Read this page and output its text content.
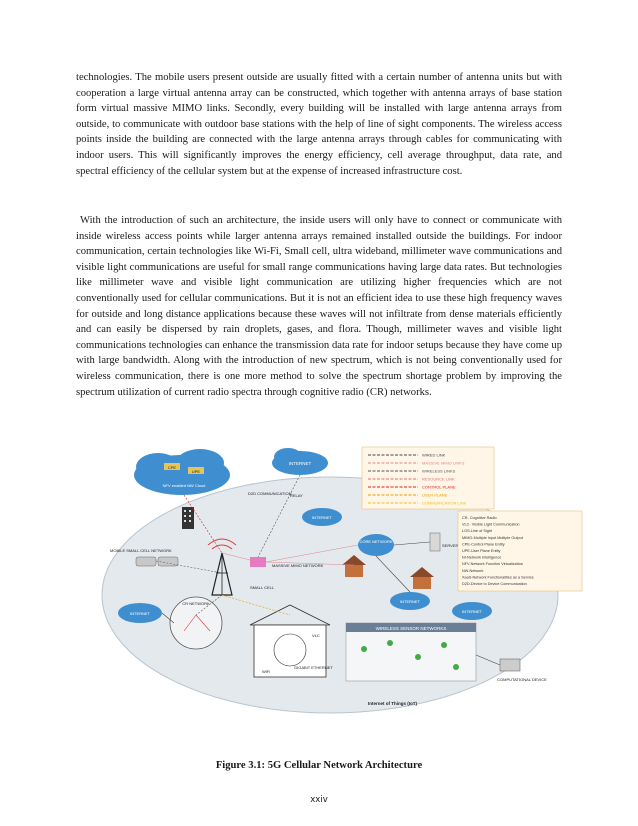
technologies. The mobile users present outside are usually fitted with a certain number of antenna units but with cooperation a large virtual antenna array can be constructed, which together with antenna arrays of base station form virtual massive MIMO links. Secondly, every building will be installed with large antenna arrays from outside, to communicate with outdoor base stations with the help of line of sight components. The wireless access points inside the building are connected with the large antenna arrays through cables for communicating with indoor users. This will significantly improves the energy efficiency, cell average throughput, data rate, and spectral efficiency of the cellular system but at the expense of increased infrastructure cost.

With the introduction of such an architecture, the inside users will only have to connect or communicate with inside wireless access points while larger antenna arrays remained installed outside the buildings. For indoor communication, certain technologies like Wi-Fi, Small cell, ultra wideband, millimeter wave communications and visible light communications are useful for small range communications having large data rates. But technologies like millimeter wave and visible light communication are utilizing higher frequencies which are not conventionally used for cellular communications. But it is not an efficient idea to use these high frequency waves for outside and long distance applications because these waves will not infiltrate from dense materials efficiently and can easily be dispersed by rain droplets, gases, and flora. Though, millimeter waves and visible light communications technologies can enhance the transmission data rate for indoor setups because they have come up with large bandwidth. Along with the introduction of new spectrum, which is not being conventionally used for wireless communication, there is one more method to solve the spectrum shortage problem by improving the spectrum utilization of current radio spectra through cognitive radio (CR) networks.

CPE
UPE
NFV enabled NW Cloud
INTERNET
D2D COMMUNICATION
RELAY
INTERNET
MOBILE SMALL CELL NETWORK
MASSIVE MIMO NETWORK
SMALL CELL
CORE NETWORK
SERVER
INTERNET
INTERNET
CR NETWORK
INTERNET
VLC
WiFi
GIGABIT ETHERNET
WIRELESS SENSOR NETWORKS
COMPUTATIONAL DEVICE
Internet of Things (IoT)
WIRED LINK
MASSIVE MIMO LINKS
WIRELESS LINKS
RESOURCE LINK
CONTROL PLANE
USER PLANE
COMMUNICATION LINK
CR- Cognitive Radio
VLC- Visible Light Communication
LOS-Line of Sight
MIMO-Multiple Input Multiple Output
CPE-Control Plane Entity
UPE-User Plane Entity
NI-Network Intelligence
NFV-Network Function Virtualization
NW-Network
XaaS-Network Functionalities as a Service
D2D-Device to Device Communication
Figure 3.1: 5G Cellular Network Architecture
xxiv
